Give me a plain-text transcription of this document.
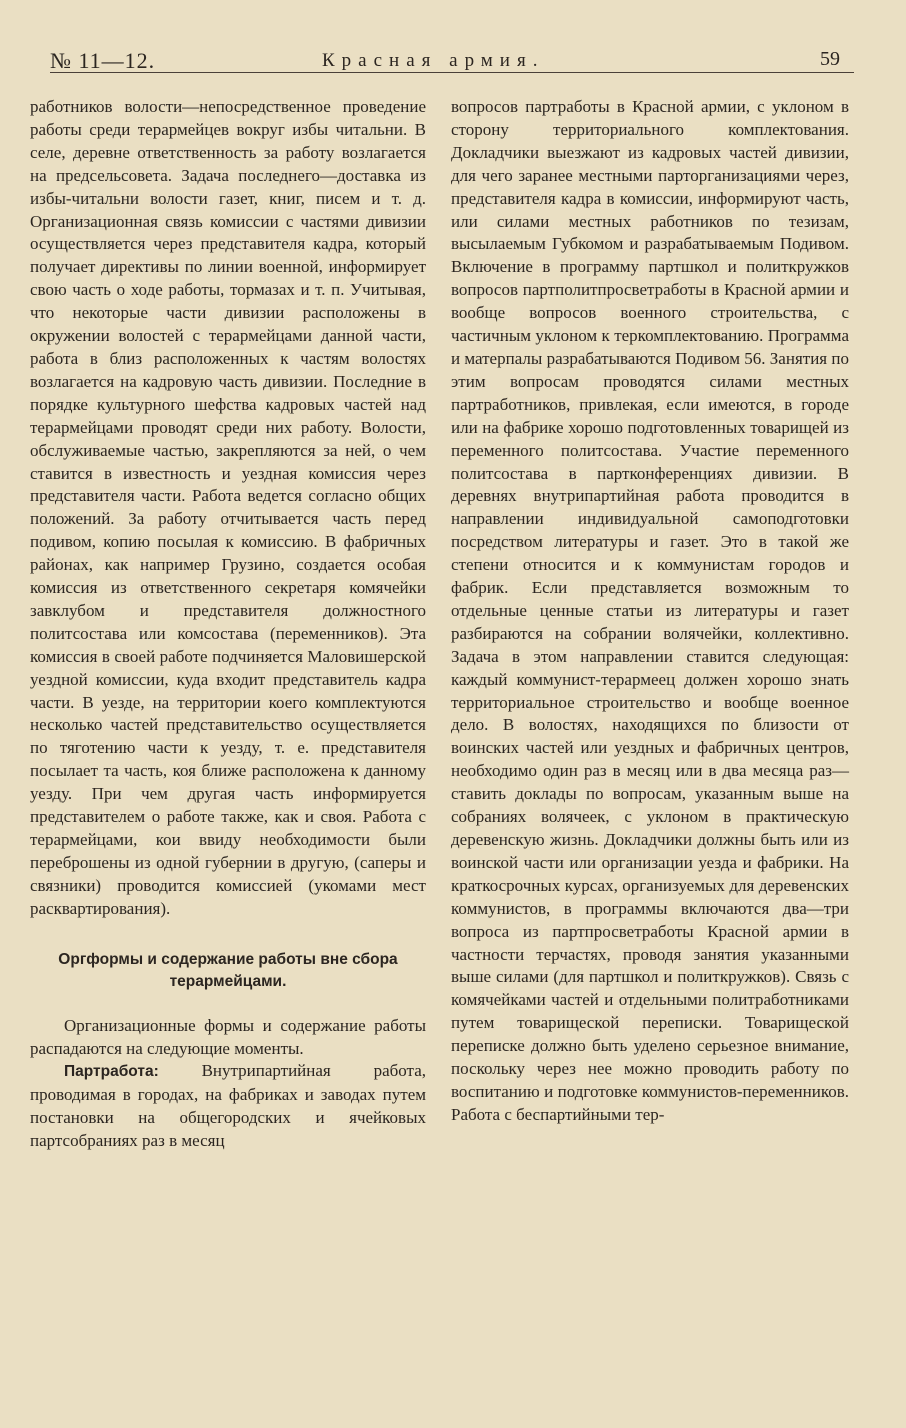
№ 11—12.	Красная армия.	59

работников волости—непосредственное проведение работы среди терармейцев вокруг избы читальни. В селе, деревне ответственность за работу возлагается на предсельсовета. Задача последнего—доставка из избы-читальни волости газет, книг, писем и т. д. Организационная связь комиссии с частями дивизии осуществляется через представителя кадра, который получает директивы по линии военной, информирует свою часть о ходе работы, тормазах и т. п. Учитывая, что некоторые части дивизии расположены в окружении волостей с терармейцами данной части, работа в близ расположенных к частям волостях возлагается на кадровую часть дивизии. Последние в порядке культурного шефства кадровых частей над терармейцами проводят среди них работу. Волости, обслуживаемые частью, закрепляются за ней, о чем ставится в известность и уездная комиссия через представителя части. Работа ведется согласно общих положений. За работу отчитывается часть перед подивом, копию посылая к комиссию. В фабричных районах, как например Грузино, создается особая комиссия из ответственного секретаря комячейки завклубом и представителя должностного политсостава или комсостава (переменников). Эта комиссия в своей работе подчиняется Маловишерской уездной комиссии, куда входит представитель кадра части. В уезде, на территории коего комплектуются несколько частей представительство осуществляется по тяготению части к уезду, т. е. представителя посылает та часть, коя ближе расположена к данному уезду. При чем другая часть информируется представителем о работе также, как и своя. Работа с терармейцами, кои ввиду необходимости были переброшены из одной губернии в другую, (саперы и связники) проводится комиссией (укомами мест расквартирования).

Оргформы и содержание работы вне сбора терармейцами.

Организационные формы и содержание работы распадаются на следующие моменты.

Партработа: Внутрипартийная работа, проводимая в городах, на фабриках и заводах путем постановки на общегородских и ячейковых партсобраниях раз в месяц

вопросов партработы в Красной армии, с уклоном в сторону территориального комплектования. Докладчики выезжают из кадровых частей дивизии, для чего заранее местными парторганизациями через, представителя кадра в комиссии, информируют часть, или силами местных работников по тезизам, высылаемым Губкомом и разрабатываемым Подивом. Включение в программу партшкол и политкружков вопросов партполитпросветработы в Красной армии и вообще вопросов военного строительства, с частичным уклоном к теркомплектованию. Программа и матерпалы разрабатываются Подивом 56. Занятия по этим вопросам проводятся силами местных партработников, привлекая, если имеются, в городе или на фабрике хорошо подготовленных товарищей из переменного политсостава. Участие переменного политсостава в партконференциях дивизии. В деревнях внутрипартийная работа проводится в направлении индивидуальной самоподготовки посредством литературы и газет. Это в такой же степени относится и к коммунистам городов и фабрик. Если представляется возможным то отдельные ценные статьи из литературы и газет разбираются на собрании волячейки, коллективно. Задача в этом направлении ставится следующая: каждый коммунист-терармеец должен хорошо знать территориальное строительство и вообще военное дело. В волостях, находящихся по близости от воинских частей или уездных и фабричных центров, необходимо один раз в месяц или в два месяца раз—ставить доклады по вопросам, указанным выше на собраниях волячеек, с уклоном в практическую деревенскую жизнь. Докладчики должны быть или из воинской части или организации уезда и фабрики. На краткосрочных курсах, организуемых для деревенских коммунистов, в программы включаются два—три вопроса из партпросветработы Красной армии в частности терчастях, проводя занятия указанными выше силами (для партшкол и политкружков). Связь с комячейками частей и отдельными политработниками путем товарищеской переписки. Товарищеской переписке должно быть уделено серьезное внимание, поскольку через нее можно проводить работу по воспитанию и подготовке коммунистов-переменников. Работа с беспартийными тер-
